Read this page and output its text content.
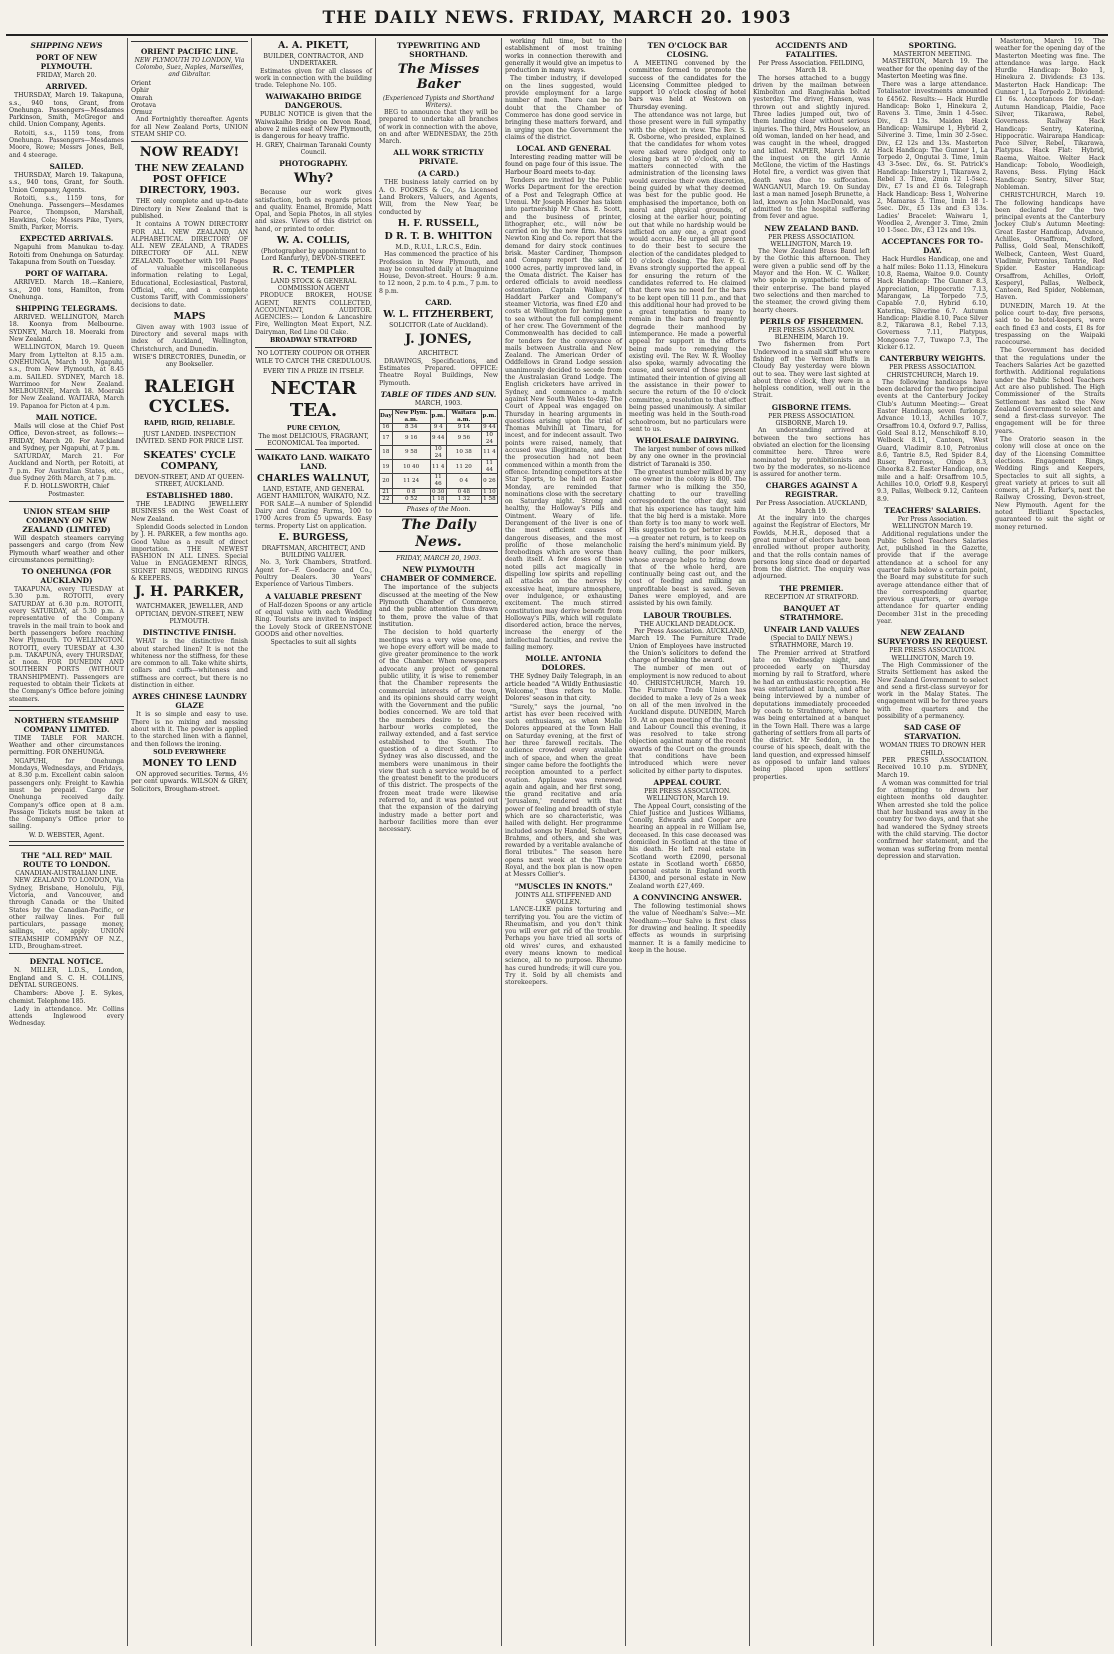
THE DAILY NEWS. FRIDAY, MARCH 20. 1903
SHIPPING NEWS
PORT OF NEW PLYMOUTH.
FRIDAY, March 20.
ARRIVED.

THURSDAY, March 19. Takapuna, s.s., 940 tons, Grant, from Onehunga. Passengers—Mesdames Parkinson, Smith, McGregor and child. Union Company, Agents.

Rotoiti, s.s., 1159 tons, from Onehunga. Passengers—Mesdames Moore, Rowe; Messrs Jones, Bell, and 4 steerage.

SAILED.

THURSDAY, March 19. Takapuna, s.s., 940 tons, Grant, for South. Union Company, Agents.

Rotoiti, s.s., 1159 tons, for Onehunga. Passengers—Mesdames Pearce, Thompson, Marshall, Hawkins, Cole; Messrs Pike, Tyers, Smith, Parker, Morris.

EXPECTED ARRIVALS.

Ngapuhi from Manukau to-day. Rotoiti from Onehunga on Saturday. Takapuna from South on Tuesday.

PORT OF WAITARA.

ARRIVED. March 18.—Kaniere, s.s., 200 tons, Hamilton, from Onehunga.

SHIPPING TELEGRAMS.

ARRIVED. WELLINGTON, March 18. Koonya from Melbourne. SYDNEY, March 18. Moeraki from New Zealand.

WELLINGTON, March 19. Queen Mary from Lyttelton at 8.15 a.m. ONEHUNGA, March 19. Ngapuhi, s.s., from New Plymouth, at 8.45 a.m. SAILED. SYDNEY, March 18. Warrimoo for New Zealand. MELBOURNE, March 18. Moeraki for New Zealand. WAITARA, March 19. Papanoa for Picton at 4 p.m.

MAIL NOTICE.

Mails will close at the Chief Post Office, Devon-street, as follows:— FRIDAY, March 20. For Auckland and Sydney, per Ngapuhi, at 7 p.m.

SATURDAY, March 21. For Auckland and North, per Rotoiti, at 7 p.m. For Australian States, etc., due Sydney 26th March, at 7 p.m.

F. D. HOLLSWORTH, Chief Postmaster.
UNION STEAM SHIP COMPANY OF NEW ZEALAND (LIMITED)

Will despatch steamers carrying passengers and cargo (from New Plymouth wharf weather and other circumstances permitting):

TO ONEHUNGA (FOR AUCKLAND)

TAKAPUNA, every TUESDAY at 5.30 p.m. ROTOITI, every SATURDAY at 6.30 p.m. ROTOITI, every SATURDAY, at 5.30 p.m. A representative of the Company travels in the mail train to book and berth passengers before reaching New Plymouth. TO WELLINGTON. ROTOITI, every TUESDAY at 4.30 p.m. TAKAPUNA, every THURSDAY, at noon. FOR DUNEDIN AND SOUTHERN PORTS (WITHOUT TRANSHIPMENT). Passengers are requested to obtain their Tickets at the Company's Office before joining steamers.

NORTHERN STEAMSHIP COMPANY LIMITED.

TIME TABLE FOR MARCH. Weather and other circumstances permitting. FOR ONEHUNGA.

NGAPUHI, for Onehunga Mondays, Wednesdays, and Fridays, at 8.30 p.m. Excellent cabin saloon passengers only. Freight to Kawhia must be prepaid. Cargo for Onehunga received daily. Company's office open at 8 a.m. Passage Tickets must be taken at the Company's Office prior to sailing.

W. D. WEBSTER, Agent.
THE "ALL RED" MAIL ROUTE TO LONDON.
CANADIAN-AUSTRALIAN LINE.

NEW ZEALAND TO LONDON, Via Sydney, Brisbane, Honolulu, Fiji, Victoria, and Vancouver, and through Canada or the United States by the Canadian-Pacific, or other railway lines. For full particulars, passage money, sailings, etc., apply: UNION STEAMSHIP COMPANY OF N.Z., LTD., Brougham-street.

DENTAL NOTICE.

N. MILLER, L.D.S., London, England and S. C. H. COLLINS, DENTAL SURGEONS.

Chambers: Above J. E. Sykes, chemist. Telephone 185.

Lady in attendance. Mr. Collins attends Inglewood every Wednesday.

ORIENT PACIFIC LINE.
NEW PLYMOUTH TO LONDON, Via Colombo, Suez, Naples, Marseilles, and Gibraltar.
Orient
Ophir
Omrah
Orotava
Ormuz

And Fortnightly thereafter. Agents for all New Zealand Ports, UNION STEAM SHIP CO.

NOW READY!
THE NEW ZEALAND POST OFFICE DIRECTORY, 1903.

THE only complete and up-to-date Directory in New Zealand that is published.

It contains A TOWN DIRECTORY FOR ALL NEW ZEALAND, AN ALPHABETICAL DIRECTORY OF ALL NEW ZEALAND, A TRADES DIRECTORY OF ALL NEW ZEALAND. Together with 191 Pages of valuable miscellaneous information relating to Legal, Educational, Ecclesiastical, Pastoral, Official, etc., and a complete Customs Tariff, with Commissioners' decisions to date.

MAPS

Given away with 1903 issue of Directory and several maps with index of Auckland, Wellington, Christchurch, and Dunedin.

WISE'S DIRECTORIES, Dunedin, or any Bookseller.
RALEIGH CYCLES.
RAPID, RIGID, RELIABLE.
JUST LANDED. INSPECTION INVITED. SEND FOR PRICE LIST.
SKEATES' CYCLE COMPANY,
DEVON-STREET, AND AT QUEEN-STREET, AUCKLAND.
ESTABLISHED 1880.

THE LEADING JEWELLERY BUSINESS on the West Coast of New Zealand.

Splendid Goods selected in London by J. H. PARKER, a few months ago. Good Value as a result of direct importation. THE NEWEST FASHION IN ALL LINES. Special Value in ENGAGEMENT RINGS, SIGNET RINGS, WEDDING RINGS & KEEPERS.

J. H. PARKER,
WATCHMAKER, JEWELLER, AND OPTICIAN, DEVON-STREET, NEW PLYMOUTH.
DISTINCTIVE FINISH.

WHAT is the distinctive finish about starched linen? It is not the whiteness nor the stiffness, for these are common to all. Take white shirts, collars and cuffs—whiteness and stiffness are correct, but there is no distinction in either.

AYRES CHINESE LAUNDRY GLAZE

It is so simple and easy to use. There is no mixing and messing about with it. The powder is applied to the starched linen with a flannel, and then follows the ironing.

SOLD EVERYWHERE
MONEY TO LEND

ON approved securities. Terms, 4½ per cent upwards. WILSON & GREY, Solicitors, Brougham-street.

A. A. PIKETT,
BUILDER, CONTRACTOR, AND UNDERTAKER.

Estimates given for all classes of work in connection with the building trade. Telephone No. 105.

WAIWAKAIHO BRIDGE DANGEROUS.

PUBLIC NOTICE is given that the Waiwakaiho Bridge on Devon Road, above 2 miles east of New Plymouth, is dangerous for heavy traffic.

H. GREY, Chairman Taranaki County Council.
PHOTOGRAPHY.
Why?

Because our work gives satisfaction, both as regards prices and quality. Enamel, Bromide, Matt Opal, and Sepia Photos, in all styles and sizes. Views of this district on hand, or printed to order.

W. A. COLLIS,
(Photographer by appointment to Lord Ranfurly), DEVON-STREET.
R. C. TEMPLER
LAND STOCK & GENERAL COMMISSION AGENT

PRODUCE BROKER, HOUSE AGENT, RENTS COLLECTED, ACCOUNTANT, AUDITOR. AGENCIES:— London & Lancashire Fire, Wellington Meat Export, N.Z. Dairyman, Red Line Oil Cake.

BROADWAY STRATFORD
NO LOTTERY COUPON OR OTHER WILE TO CATCH THE CREDULOUS.
EVERY TIN A PRIZE IN ITSELF.
NECTAR TEA.
PURE CEYLON,
The most DELICIOUS, FRAGRANT, ECONOMICAL Tea imported.
WAIKATO LAND. WAIKATO LAND.
CHARLES WALLNUT,
LAND, ESTATE, AND GENERAL AGENT HAMILTON, WAIKATO, N.Z.

FOR SALE—A number of Splendid Dairy and Grazing Farms, 100 to 1700 Acres from £5 upwards. Easy terms. Property List on application.

E. BURGESS,
DRAFTSMAN, ARCHITECT, AND BUILDING VALUER.

No. 3, York Chambers, Stratford. Agent for—F. Goodacre and Co., Poultry Dealers. 30 Years' Experience of Various Timbers.

A VALUABLE PRESENT

of Half-dozen Spoons or any article of equal value with each Wedding Ring. Tourists are invited to inspect the Lovely Stock of GREENSTONE GOODS and other novelties.

Spectacles to suit all sights
TYPEWRITING AND SHORTHAND.
The Misses Baker
(Experienced Typists and Shorthand Writers).

BEG to announce that they will be prepared to undertake all branches of work in connection with the above, on and after WEDNESDAY, the 25th March.

ALL WORK STRICTLY PRIVATE.
(A CARD.)

THE business lately carried on by A. O. FOOKES & Co., As Licensed Land Brokers, Valuers, and Agents, Will, from the New Year, be conducted by

H. F. RUSSELL,
D R. T. B. WHITTON
M.D., R.U.I., L.R.C.S., Edin.

Has commenced the practice of his Profession in New Plymouth, and may be consulted daily at Imaguinne House, Devon-street. Hours: 9 a.m. to 12 noon, 2 p.m. to 4 p.m., 7 p.m. to 8 p.m.

CARD.
W. L. FITZHERBERT,
SOLICITOR (Late of Auckland).
J. JONES,
ARCHITECT.

DRAWINGS, Specifications, and Estimates Prepared. OFFICE: Theatre Royal Buildings, New Plymouth.

TABLE OF TIDES AND SUN.
MARCH, 1903.
Day	New Plym. a.m.	p.m.	Waitara a.m.	p.m.
16	8 34	9 4	9 14	9 44
17	9 16	9 44	9 56	10 24
18	9 58	10 24	10 38	11 4
19	10 40	11 4	11 20	11 44
20	11 24	11 46	0 4	0 26
21	0 8	0 30	0 48	1 10
22	0 52	1 18	1 32	1 58
Phases of the Moon.
The Daily News.
FRIDAY, MARCH 20, 1903.
NEW PLYMOUTH CHAMBER OF COMMERCE.

The importance of the subjects discussed at the meeting of the New Plymouth Chamber of Commerce, and the public attention thus drawn to them, prove the value of that institution.

The decision to hold quarterly meetings was a very wise one, and we hope every effort will be made to give greater prominence to the work of the Chamber. When newspapers advocate any project of general public utility, it is wise to remember that the Chamber represents the commercial interests of the town, and its opinions should carry weight with the Government and the public bodies concerned. We are told that the members desire to see the harbour works completed, the railway extended, and a fast service established to the South. The question of a direct steamer to Sydney was also discussed, and the members were unanimous in their view that such a service would be of the greatest benefit to the producers of this district. The prospects of the frozen meat trade were likewise referred to, and it was pointed out that the expansion of the dairying industry made a better port and harbour facilities more than ever necessary.

working full time, but to the establishment of most training works in connection therewith and generally it would give an impetus to production in many ways.

The timber industry, if developed on the lines suggested, would provide employment for a large number of men. There can be no doubt that the Chamber of Commerce has done good service in bringing these matters forward, and in urging upon the Government the claims of the district.

LOCAL AND GENERAL

Interesting reading matter will be found on page four of this issue. The Harbour Board meets to-day.

Tenders are invited by the Public Works Department for the erection of a Post and Telegraph Office at Urenui. Mr Joseph Hosner has taken into partnership Mr Chas. E. Scott, and the business of printer, lithographer, etc., will now be carried on by the new firm. Messrs Newton King and Co. report that the demand for dairy stock continues brisk. Master Cardiner, Thompson and Company report the sale of 1000 acres, partly improved land, in the Omata district. The Kaiser has ordered officials to avoid needless ostentation. Captain Walker, of Haddart Parker and Company's steamer Victoria, was fined £20 and costs at Wellington for having gone to sea without the full complement of her crew. The Government of the Commonwealth has decided to call for tenders for the conveyance of mails between Australia and New Zealand. The American Order of Oddfellows in Grand Lodge session unanimously decided to secede from the Australasian Grand Lodge. The English cricketers have arrived in Sydney, and commence a match against New South Wales to-day. The Court of Appeal was engaged on Thursday in hearing arguments in questions arising upon the trial of Thomas Mulvihill at Timaru, for incest, and for indecent assault. Two points were raised, namely, that accused was illegitimate, and that the prosecution had not been commenced within a month from the offence. Intending competitors at the Star Sports, to be held on Easter Monday, are reminded that nominations close with the secretary on Saturday night. Strong and healthy, the Holloway's Pills and Ointment. Weary of life. Derangement of the liver is one of the most efficient causes of dangerous diseases, and the most prolific of those melancholic forebodings which are worse than death itself. A few doses of these noted pills act magically in dispelling low spirits and repelling all attacks on the nerves by excessive heat, impure atmosphere, over indulgence, or exhausting excitement. The much stirred constitution may derive benefit from Holloway's Pills, which will regulate disordered action, brace the nerves, increase the energy of the intellectual faculties, and revive the failing memory.

MOLLE. ANTONIA DOLORES.

THE Sydney Daily Telegraph, in an article headed "A Wildly Enthusiastic Welcome," thus refers to Molle. Dolores' season in that city.

"Surely," says the journal, "no artist has ever been received with such enthusiasm, as when Molle Dolores appeared at the Town Hall on Saturday evening, at the first of her three farewell recitals. The audience crowded every available inch of space, and when the great singer came before the footlights the reception amounted to a perfect ovation. Applause was renewed again and again, and her first song, the grand recitative and aria 'Jerusalem,' rendered with that power of feeling and breadth of style which are so characteristic, was hailed with delight. Her programme included songs by Handel, Schubert, Brahms, and others, and she was rewarded by a veritable avalanche of floral tributes." The season here opens next week at the Theatre Royal, and the box plan is now open at Messrs Collier's.

"MUSCLES IN KNOTS."
JOINTS ALL STIFFENED AND SWOLLEN.

LANCE-LIKE pains torturing and terrifying you. You are the victim of Rheumatism, and you don't think you will ever get rid of the trouble. Perhaps you have tried all sorts of old wives' cures, and exhausted every means known to medical science, all to no purpose. Rheumo has cured hundreds; it will cure you. Try it. Sold by all chemists and storekeepers.

TEN O'CLOCK BAR CLOSING.

A MEETING convened by the committee formed to promote the success of the candidates for the Licensing Committee pledged to support 10 o'clock closing of hotel bars was held at Westown on Thursday evening.

The attendance was not large, but those present were in full sympathy with the object in view. The Rev. S. R. Osborne, who presided, explained that the candidates for whom votes were asked were pledged only to closing bars at 10 o'clock, and all matters connected with the administration of the licensing laws would exercise their own discretion, being guided by what they deemed was best for the public good. He emphasised the importance, both on moral and physical grounds, of closing at the earlier hour, pointing out that while no hardship would be inflicted on any one, a great good would accrue. He urged all present to do their best to secure the election of the candidates pledged to 10 o'clock closing. The Rev. F. G. Evans strongly supported the appeal for ensuring the return of the candidates referred to. He claimed that there was no need for the bars to be kept open till 11 p.m., and that this additional hour had proved to be a great temptation to many to remain in the bars and frequently degrade their manhood by intemperance. He made a powerful appeal for support in the efforts being made to remedying the existing evil. The Rev. W. R. Woolley also spoke, warmly advocating the cause, and several of those present intimated their intention of giving all the assistance in their power to secure the return of the 10 o'clock committee, a resolution to that effect being passed unanimously. A similar meeting was held in the South-road schoolroom, but no particulars were sent to us.

WHOLESALE DAIRYING.

The largest number of cows milked by any one owner in the provincial district of Taranaki is 350.

The greatest number milked by any one owner in the colony is 800. The farmer who is milking the 350, chatting to our travelling correspondent the other day, said that his experience has taught him that the big herd is a mistake. More than forty is too many to work well. His suggestion to get better results—a greater net return, is to keep on raising the herd's minimum yield. By heavy culling, the poor milkers, whose average helps to bring down that of the whole herd, are continually being cast out, and the cost of feeding and milking an unprofitable beast is saved. Seven Danes were employed, and are assisted by his own family.

LABOUR TROUBLES.
THE AUCKLAND DEADLOCK.

Per Press Association. AUCKLAND, March 19. The Furniture Trade Union of Employees have instructed the Union's solicitors to defend the charge of breaking the award.

The number of men out of employment is now reduced to about 40. CHRISTCHURCH, March 19. The Furniture Trade Union has decided to make a levy of 2s a week on all of the men involved in the Auckland dispute. DUNEDIN, March 19. At an open meeting of the Trades and Labour Council this evening, it was resolved to take strong objection against many of the recent awards of the Court on the grounds that conditions have been introduced which were never solicited by either party to disputes.

APPEAL COURT.
PER PRESS ASSOCIATION. WELLINGTON, March 19.

The Appeal Court, consisting of the Chief Justice and Justices Williams, Conolly, Edwards and Cooper are hearing an appeal in re William Ise, deceased. In this case deceased was domiciled in Scotland at the time of his death. He left real estate in Scotland worth £2090, personal estate in Scotland worth £6850, personal estate in England worth £4300, and personal estate in New Zealand worth £27,469.

A CONVINCING ANSWER.

The following testimonial shows the value of Needham's Salve:—Mr. Needham:—Your Salve is first class for drawing and healing. It speedily effects as wounds in surprising manner. It is a family medicine to keep in the house.

ACCIDENTS AND FATALITIES.
Per Press Association. FEILDING, March 18.

The horses attached to a buggy driven by the mailman between Kimbolton and Rangiwahia bolted yesterday. The driver, Hansen, was thrown out and slightly injured. Three ladies jumped out, two of them landing clear without serious injuries. The third, Mrs Houselow, an old woman, landed on her head, and was caught in the wheel, dragged and killed. NAPIER, March 19. At the inquest on the girl Annie McGlone, the victim of the Hastings Hotel fire, a verdict was given that death was due to suffocation. WANGANUI, March 19. On Sunday last a man named Joseph Brunette, a lad, known as John MacDonald, was admitted to the hospital suffering from fever and ague.

NEW ZEALAND BAND.
PER PRESS ASSOCIATION. WELLINGTON, March 19.

The New Zealand Brass Band left by the Gothic this afternoon. They were given a public send off by the Mayor and the Hon. W. C. Walker, who spoke in sympathetic terms of their enterprise. The band played two selections and then marched to the steamer, the crowd giving them hearty cheers.

PERILS OF FISHERMEN.
PER PRESS ASSOCIATION. BLENHEIM, March 19.

Two fishermen from Port Underwood in a small skiff who were fishing off the Vernon Bluffs in Cloudy Bay yesterday were blown out to sea. They were last sighted at about three o'clock, they were in a helpless condition, well out in the Strait.

GISBORNE ITEMS.
PER PRESS ASSOCIATION. GISBORNE, March 19.

An understanding arrived at between the two sections has obviated an election for the licensing committee here. Three were nominated by prohibitionists and two by the moderates, so no-licence is assured for another term.

CHARGES AGAINST A REGISTRAR.
Per Press Association. AUCKLAND, March 19.

At the inquiry into the charges against the Registrar of Electors, Mr Fowlds, M.H.R., deposed that a great number of electors have been enrolled without proper authority, and that the rolls contain names of persons long since dead or departed from the district. The enquiry was adjourned.

THE PREMIER.
RECEPTION AT STRATFORD.
BANQUET AT STRATHMORE.
UNFAIR LAND VALUES
(Special to DAILY NEWS.) STRATHMORE, March 19.

The Premier arrived at Stratford late on Wednesday night, and proceeded early on Thursday morning by rail to Stratford, where he had an enthusiastic reception. He was entertained at lunch, and after being interviewed by a number of deputations immediately proceeded by coach to Strathmore, where he was being entertained at a banquet in the Town Hall. There was a large gathering of settlers from all parts of the district. Mr Seddon, in the course of his speech, dealt with the land question, and expressed himself as opposed to unfair land values being placed upon settlers' properties.

SPORTING.
MASTERTON MEETING.

MASTERTON, March 19. The weather for the opening day of the Masterton Meeting was fine.

There was a large attendance. Totalisator investments amounted to £4562. Results:— Hack Hurdle Handicap: Boko 1, Hinekura 2, Ravens 3. Time, 3min 1 4-5sec. Div., £3 13s. Maiden Hack Handicap: Wamirupe 1, Hybrid 2, Silverine 3. Time, 1min 30 2-5sec. Div., £2 12s and 13s. Masterton Hack Handicap: The Gunner 1, La Torpedo 2, Ongutai 3. Time, 1min 43 3-5sec. Div., 6s. St. Patrick's Handicap: Inkerstry 1, Tikarawa 2, Rebel 3. Time, 2min 12 1-5sec. Div., £7 1s and £1 6s. Telegraph Hack Handicap: Bess 1, Wolverine 2, Mamaras 3. Time, 1min 18 1-5sec. Div., £5 13s and £3 13s. Ladies' Bracelet: Waiwaru 1, Woodlea 2, Avenger 3. Time, 2min 10 1-5sec. Div., £3 12s and 19s.

ACCEPTANCES FOR TO-DAY.

Hack Hurdles Handicap, one and a half miles: Boko 11.13, Hinekura 10.8, Raema, Waitoe 9.0. County Hack Handicap: The Gunner 8.3, Appreciation, Hippocratic 7.13, Marangaw, La Torpedo 7.5, Capable 7.0, Hybrid 6.10, Katerina, Silverine 6.7. Autumn Handicap: Plaidie 8.10, Pace Silver 8.2, Tikarawa 8.1, Rebel 7.13, Governess 7.11, Platypus, Mongoose 7.7, Tuwapo 7.3, The Kicker 6.12.

CANTERBURY WEIGHTS.
PER PRESS ASSOCIATION. CHRISTCHURCH, March 19.

The following handicaps have been declared for the two principal events at the Canterbury Jockey Club's Autumn Meeting:— Great Easter Handicap, seven furlongs: Advance 10.13, Achilles 10.7, Orsaffrom 10.4, Oxford 9.7, Palliss, Gold Seal 8.12, Menschikoff 8.10, Welbeck 8.11, Canteen, West Guard, Vladimir 8.10, Petronius 8.6, Tantrie 8.5, Red Spider 8.4, Ruser, Penrose, Oingo 8.3, Ghoorka 8.2. Easter Handicap, one mile and a half: Orsaffrom 10.5, Achilles 10.0, Orloff 9.8, Kesperyl 9.3, Pallas, Welbeck 9.12, Canteen 8.9.

TEACHERS' SALARIES.
Per Press Association. WELLINGTON March 19.

Additional regulations under the Public School Teachers Salaries Act, published in the Gazette, provide that if the average attendance at a school for any quarter falls below a certain point, the Board may substitute for such average attendance either that of the corresponding quarter, previous quarters, or average attendance for quarter ending December 31st in the preceding year.

NEW ZEALAND SURVEYORS IN REQUEST.
PER PRESS ASSOCIATION. WELLINGTON, March 19.

The High Commissioner of the Straits Settlement has asked the New Zealand Government to select and send a first-class surveyor for work in the Malay States. The engagement will be for three years with free quarters and the possibility of a permanency.

SAD CASE OF STARVATION.
WOMAN TRIES TO DROWN HER CHILD.

PER PRESS ASSOCIATION. Received 10.10 p.m. SYDNEY, March 19.

A woman was committed for trial for attempting to drown her eighteen months old daughter. When arrested she told the police that her husband was away in the country for two days, and that she had wandered the Sydney streets with the child starving. The doctor confirmed her statement, and the woman was suffering from mental depression and starvation.

Masterton, March 19. The weather for the opening day of the Masterton Meeting was fine. The attendance was large. Hack Hurdle Handicap: Boko 1, Hinekura 2. Dividends: £3 13s. Masterton Hack Handicap: The Gunner 1, La Torpedo 2. Dividend: £1 6s. Acceptances for to-day: Autumn Handicap, Plaidie, Pace Silver, Tikarawa, Rebel, Governess. Railway Hack Handicap: Sentry, Katerina, Hippocratic. Wairarapa Handicap: Pace Silver, Rebel, Tikarawa, Platypus. Hack Flat: Hybrid, Raema, Waitoe. Welter Hack Handicap: Tobolo, Woodleigh, Ravens, Bess. Flying Hack Handicap: Sentry, Silver Star, Nobleman.

CHRISTCHURCH, March 19. The following handicaps have been declared for the two principal events at the Canterbury Jockey Club's Autumn Meeting: Great Easter Handicap, Advance, Achilles, Orsaffrom, Oxford, Palliss, Gold Seal, Menschikoff, Welbeck, Canteen, West Guard, Vladimir, Petronius, Tantrie, Red Spider. Easter Handicap: Orsaffrom, Achilles, Orloff, Kesperyl, Pallas, Welbeck, Canteen, Red Spider, Nobleman, Haven.

DUNEDIN, March 19. At the police court to-day, five persons, said to be hotel-keepers, were each fined £3 and costs, £1 8s for trespassing on the Waipaki racecourse.

The Government has decided that the regulations under the Teachers Salaries Act be gazetted forthwith. Additional regulations under the Public School Teachers Act are also published. The High Commissioner of the Straits Settlement has asked the New Zealand Government to select and send a first-class surveyor. The engagement will be for three years.

The Oratorio season in the colony will close at once on the day of the Licensing Committee elections. Engagement Rings, Wedding Rings and Keepers, Spectacles to suit all sights, a great variety at prices to suit all comers, at J. H. Parker's, next the Railway Crossing, Devon-street, New Plymouth. Agent for the noted Brilliant Spectacles, guaranteed to suit the sight or money returned.
